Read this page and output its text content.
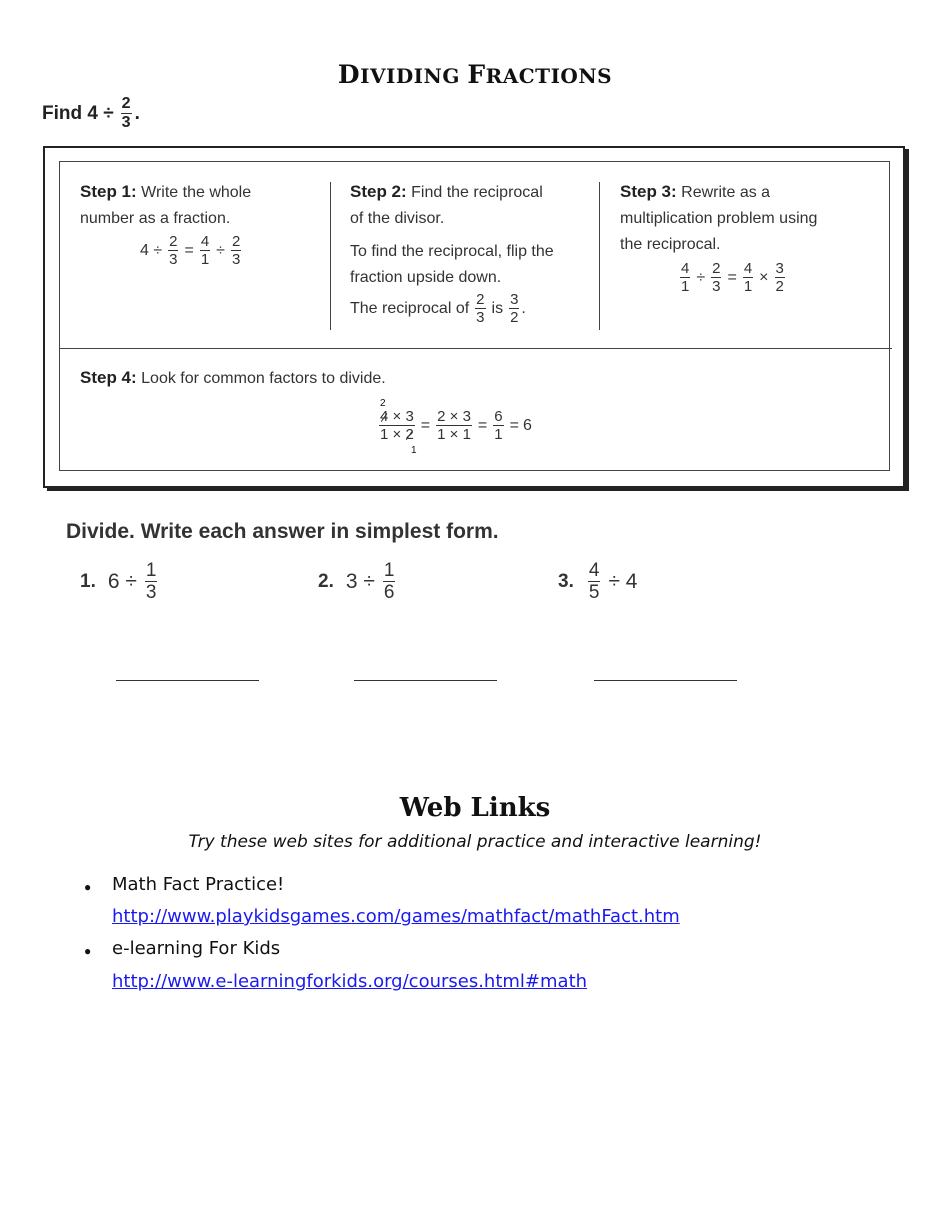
DIVIDING FRACTIONS
Find $4 \div \frac{2}{3}$ .
Step 1: Write the whole
number as a fraction.
$4 \div \frac{2}{3} = \frac{4}{1} \div \frac{2}{3}$
Step 2: Find the reciprocal
of the divisor.
To find the reciprocal, flip the
fraction upside down.
The reciprocal of $\frac{2}{3}$ is $\frac{3}{2}$ .
Step 3: Rewrite as a
multiplication problem using
the reciprocal.
$\frac{4}{1} \div \frac{2}{3} = \frac{4}{1} \times \frac{3}{2}$
Step 4: Look for common factors to divide.
2
1
$\frac{4 \times 3}{1 \times 2} = \frac{2 \times 3}{1 \times 1} = \frac{6}{1} = 6$
Divide. Write each answer in simplest form.
1. $6 \div \frac{1}{3}$	2. $3 \div \frac{1}{6}$	3. $\frac{4}{5} \div 4$
Web Links
Try these web sites for additional practice and interactive learning!
● Math Fact Practice!
http://www.playkidsgames.com/games/mathfact/mathFact.htm
● e-learning For Kids
http://www.e-learningforkids.org/courses.html#math
